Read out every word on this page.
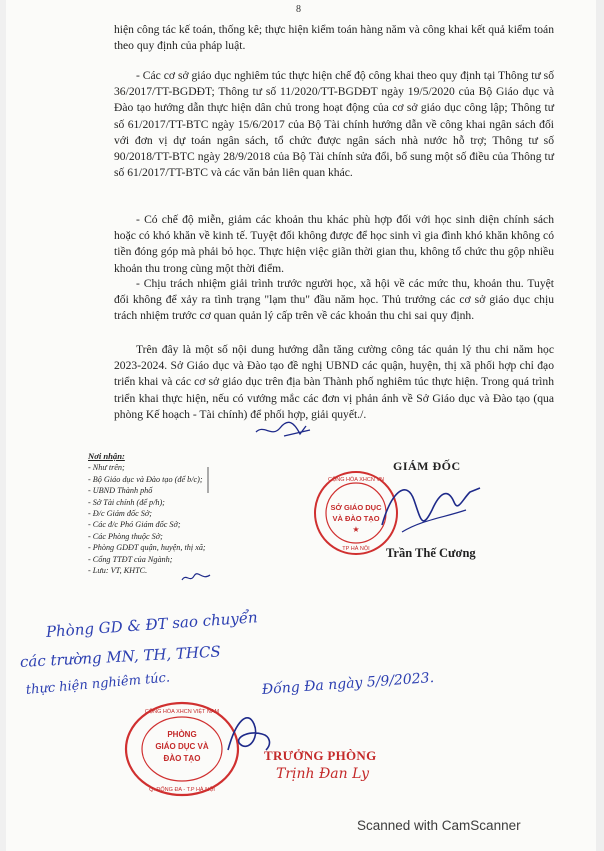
8
hiện công tác kế toán, thống kê; thực hiện kiểm toán hàng năm và công khai kết quả kiểm toán theo quy định của pháp luật.
- Các cơ sở giáo dục nghiêm túc thực hiện chế độ công khai theo quy định tại Thông tư số 36/2017/TT-BGDĐT; Thông tư số 11/2020/TT-BGDĐT ngày 19/5/2020 của Bộ Giáo dục và Đào tạo hướng dẫn thực hiện dân chủ trong hoạt động của cơ sở giáo dục công lập; Thông tư số 61/2017/TT-BTC ngày 15/6/2017 của Bộ Tài chính hướng dẫn về công khai ngân sách đối với đơn vị dự toán ngân sách, tổ chức được ngân sách nhà nước hỗ trợ; Thông tư số 90/2018/TT-BTC ngày 28/9/2018 của Bộ Tài chính sửa đổi, bổ sung một số điều của Thông tư số 61/2017/TT-BTC và các văn bản liên quan khác.
- Có chế độ miễn, giảm các khoản thu khác phù hợp đối với học sinh diện chính sách hoặc có khó khăn về kinh tế. Tuyệt đối không được để học sinh vì gia đình khó khăn không có tiền đóng góp mà phải bỏ học. Thực hiện việc giãn thời gian thu, không tổ chức thu gộp nhiều khoản thu trong cùng một thời điểm.
- Chịu trách nhiệm giải trình trước người học, xã hội về các mức thu, khoản thu. Tuyệt đối không để xảy ra tình trạng "lạm thu" đầu năm học. Thủ trưởng các cơ sở giáo dục chịu trách nhiệm trước cơ quan quản lý cấp trên về các khoản thu chi sai quy định.
Trên đây là một số nội dung hướng dẫn tăng cường công tác quản lý thu chi năm học 2023-2024. Sở Giáo dục và Đào tạo đề nghị UBND các quận, huyện, thị xã phối hợp chỉ đạo triển khai và các cơ sở giáo dục trên địa bàn Thành phố nghiêm túc thực hiện. Trong quá trình triển khai thực hiện, nếu có vướng mắc các đơn vị phản ánh về Sở Giáo dục và Đào tạo (qua phòng Kế hoạch - Tài chính) để phối hợp, giải quyết./.
Nơi nhận:
- Như trên;
- Bộ Giáo dục và Đào tạo (để b/c);
- UBND Thành phố
- Sở Tài chính (để p/h);
- Đ/c Giám đốc Sở;
- Các đ/c Phó Giám đốc Sở;
- Các Phòng thuộc Sở;
- Phòng GDĐT quận, huyện, thị xã;
- Cổng TTĐT của Ngành;
- Lưu: VT, KHTC.
GIÁM ĐỐC
SỞ GIÁO DỤC
VÀ ĐÀO TẠO
CỘNG HÒA XHCN VN
TP HÀ NỘI
★
Trần Thế Cương
Phòng GD & ĐT sao chuyển
các trường MN, TH, THCS
thực hiện nghiêm túc.	Đống Đa ngày 5/9/2023.
PHÒNG
GIÁO DỤC VÀ
ĐÀO TẠO
CỘNG HÒA XHCN VIỆT NAM
Q. ĐỐNG ĐA - T.P HÀ NỘI
TRƯỞNG PHÒNG
Trịnh Đan Ly
Scanned with CamScanner
